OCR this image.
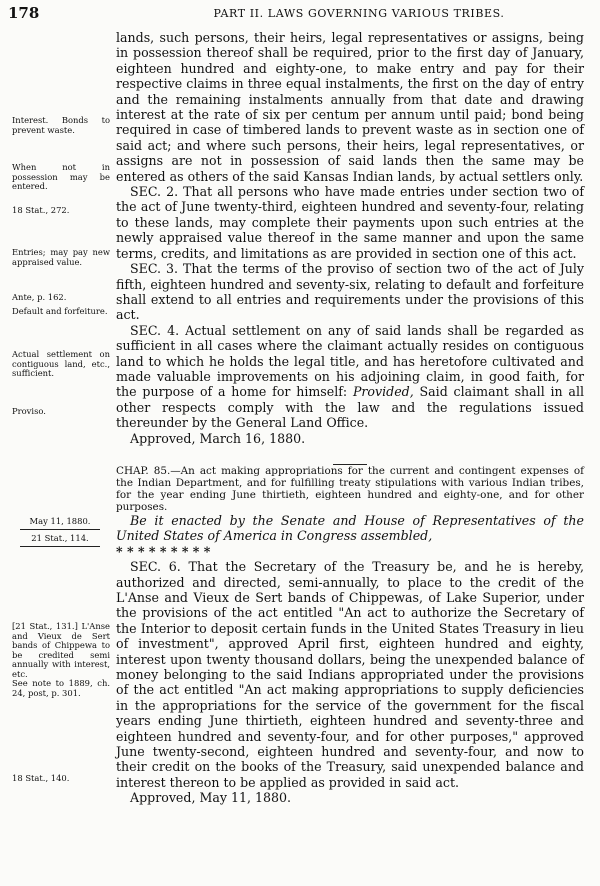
178	PART II. LAWS GOVERNING VARIOUS TRIBES.
Interest. Bonds to prevent waste.
When not in possession may be entered.
18 Stat., 272.
Entries; may pay new appraised value.
Ante, p. 162.
Default and forfeiture.
Actual settlement on contiguous land, etc., sufficient.
Proviso.
May 11, 1880.
21 Stat., 114.
[21 Stat., 131.] L'Anse and Vieux de Sert bands of Chippewa to be credited semi annually with interest, etc.
See note to 1889, ch. 24, post, p. 301.
18 Stat., 140.

lands, such persons, their heirs, legal representatives or assigns, being in possession thereof shall be required, prior to the first day of January, eighteen hundred and eighty-one, to make entry and pay for their respective claims in three equal instalments, the first on the day of entry and the remaining instalments annually from that date and drawing interest at the rate of six per centum per annum until paid; bond being required in case of timbered lands to prevent waste as in section one of said act; and where such persons, their heirs, legal representatives, or assigns are not in possession of said lands then the same may be entered as others of the said Kansas Indian lands, by actual settlers only.

SEC. 2. That all persons who have made entries under section two of the act of June twenty-third, eighteen hundred and seventy-four, relating to these lands, may complete their payments upon such entries at the newly appraised value thereof in the same manner and upon the same terms, credits, and limitations as are provided in section one of this act.

SEC. 3. That the terms of the proviso of section two of the act of July fifth, eighteen hundred and seventy-six, relating to default and forfeiture shall extend to all entries and requirements under the provisions of this act.

SEC. 4. Actual settlement on any of said lands shall be regarded as sufficient in all cases where the claimant actually resides on contiguous land to which he holds the legal title, and has heretofore cultivated and made valuable improvements on his adjoining claim, in good faith, for the purpose of a home for himself: Provided, Said claimant shall in all other respects comply with the law and the regulations issued thereunder by the General Land Office.

Approved, March 16, 1880.

CHAP. 85.—An act making appropriations for the current and contingent expenses of the Indian Department, and for fulfilling treaty stipulations with various Indian tribes, for the year ending June thirtieth, eighteen hundred and eighty-one, and for other purposes.

Be it enacted by the Senate and House of Representatives of the United States of America in Congress assembled,

* * * * * * * * *

SEC. 6. That the Secretary of the Treasury be, and he is hereby, authorized and directed, semi-annually, to place to the credit of the L'Anse and Vieux de Sert bands of Chippewas, of Lake Superior, under the provisions of the act entitled "An act to authorize the Secretary of the Interior to deposit certain funds in the United States Treasury in lieu of investment", approved April first, eighteen hundred and eighty, interest upon twenty thousand dollars, being the unexpended balance of money belonging to the said Indians appropriated under the provisions of the act entitled "An act making appropriations to supply deficiencies in the appropriations for the service of the government for the fiscal years ending June thirtieth, eighteen hundred and seventy-three and eighteen hundred and seventy-four, and for other purposes," approved June twenty-second, eighteen hundred and seventy-four, and now to their credit on the books of the Treasury, said unexpended balance and interest thereon to be applied as provided in said act.

Approved, May 11, 1880.
